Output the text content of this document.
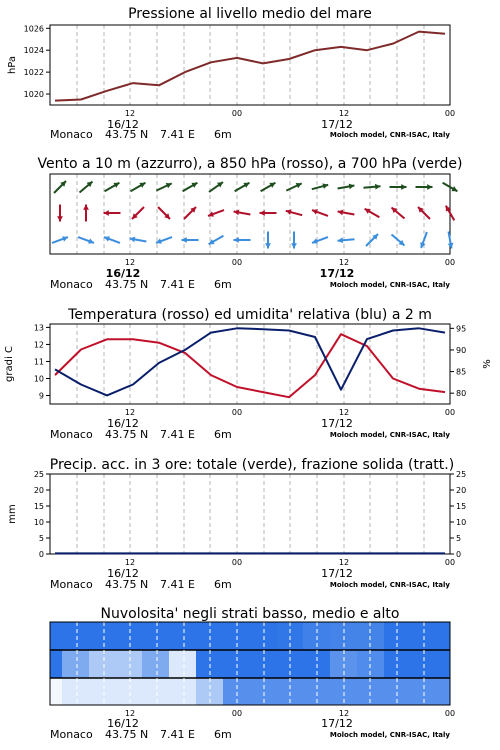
Pressione al livello medio del mare
1020
1022
1024
1026
hPa
12	00	12	00
16/12	17/12
Monaco 43.75 N 7.41 E 6m	Moloch model, CNR-ISAC, Italy
Vento a 10 m (azzurro), a 850 hPa (rosso), a 700 hPa (verde)
12	00	12	00
16/12	17/12
Monaco 43.75 N 7.41 E 6m	Moloch model, CNR-ISAC, Italy
Temperatura (rosso) ed umidita' relativa (blu) a 2 m
9
10
11
12
13
80
85
90
95
gradi C	%
12	00	12	00
16/12	17/12
Monaco 43.75 N 7.41 E 6m	Moloch model, CNR-ISAC, Italy
Precip. acc. in 3 ore: totale (verde), frazione solida (tratt.)
0
5
10
15
20
25
0
5
10
15
20
25
mm
12	00	12	00
16/12	17/12
Monaco 43.75 N 7.41 E 6m	Moloch model, CNR-ISAC, Italy
Nuvolosita' negli strati basso, medio e alto
12	00	12	00
16/12	17/12
Monaco 43.75 N 7.41 E 6m	Moloch model, CNR-ISAC, Italy
